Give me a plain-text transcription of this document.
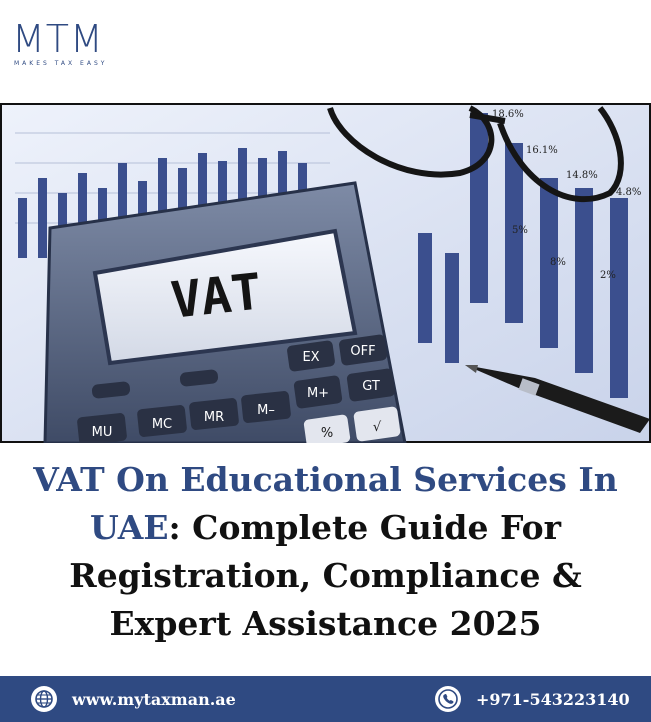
MTM
MAKES TAX EASY
18.6%
16.1%
14.8%
4.8%
5%
8%
2%
VAT
EX OFF
M+	GT
MU
MC MR	M–
%	√
VAT On Educational Services In UAE: Complete Guide For Registration, Compliance & Expert Assistance 2025
www.mytaxman.ae	+971-543223140
